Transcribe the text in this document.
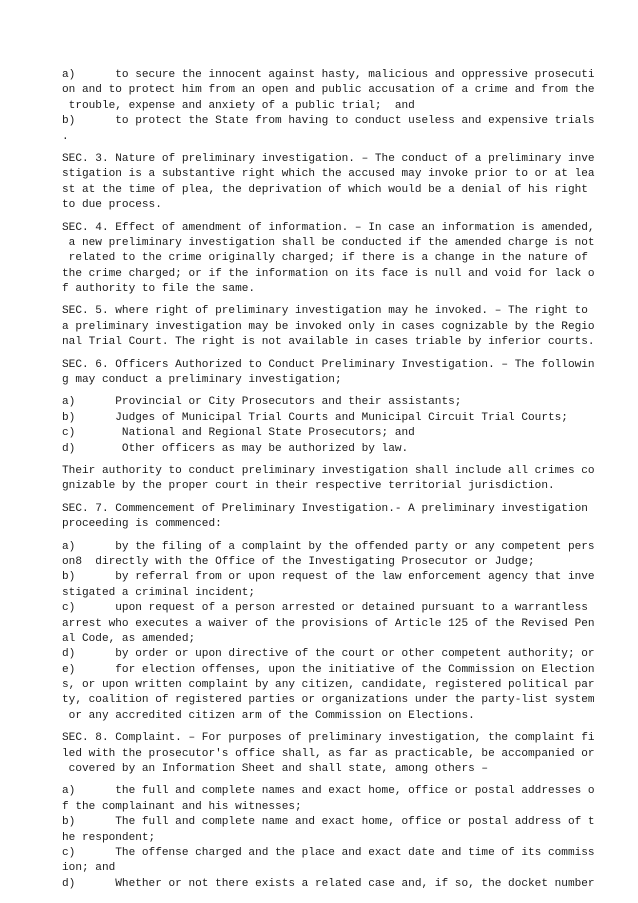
a)      to secure the innocent against hasty, malicious and oppressive prosecuti
on and to protect him from an open and public accusation of a crime and from the
trouble, expense and anxiety of a public trial;  and
b)      to protect the State from having to conduct useless and expensive trials
.
SEC. 3. Nature of preliminary investigation. – The conduct of a preliminary inve
stigation is a substantive right which the accused may invoke prior to or at lea
st at the time of plea, the deprivation of which would be a denial of his right
to due process.
SEC. 4. Effect of amendment of information. – In case an information is amended,
a new preliminary investigation shall be conducted if the amended charge is not
related to the crime originally charged; if there is a change in the nature of
the crime charged; or if the information on its face is null and void for lack o
f authority to file the same.
SEC. 5. where right of preliminary investigation may he invoked. – The right to
a preliminary investigation may be invoked only in cases cognizable by the Regio
nal Trial Court. The right is not available in cases triable by inferior courts.
SEC. 6. Officers Authorized to Conduct Preliminary Investigation. – The followin
g may conduct a preliminary investigation;
a)      Provincial or City Prosecutors and their assistants;
b)      Judges of Municipal Trial Courts and Municipal Circuit Trial Courts;
c)       National and Regional State Prosecutors; and
d)       Other officers as may be authorized by law.
Their authority to conduct preliminary investigation shall include all crimes co
gnizable by the proper court in their respective territorial jurisdiction.
SEC. 7. Commencement of Preliminary Investigation.- A preliminary investigation
proceeding is commenced:
a)      by the filing of a complaint by the offended party or any competent pers
on8  directly with the Office of the Investigating Prosecutor or Judge;
b)      by referral from or upon request of the law enforcement agency that inve
stigated a criminal incident;
c)      upon request of a person arrested or detained pursuant to a warrantless
arrest who executes a waiver of the provisions of Article 125 of the Revised Pen
al Code, as amended;
d)      by order or upon directive of the court or other competent authority; or
e)      for election offenses, upon the initiative of the Commission on Election
s, or upon written complaint by any citizen, candidate, registered political par
ty, coalition of registered parties or organizations under the party-list system
or any accredited citizen arm of the Commission on Elections.
SEC. 8. Complaint. – For purposes of preliminary investigation, the complaint fi
led with the prosecutor's office shall, as far as practicable, be accompanied or
covered by an Information Sheet and shall state, among others –
a)      the full and complete names and exact home, office or postal addresses o
f the complainant and his witnesses;
b)      The full and complete name and exact home, office or postal address of t
he respondent;
c)      The offense charged and the place and exact date and time of its commiss
ion; and
d)      Whether or not there exists a related case and, if so, the docket number
